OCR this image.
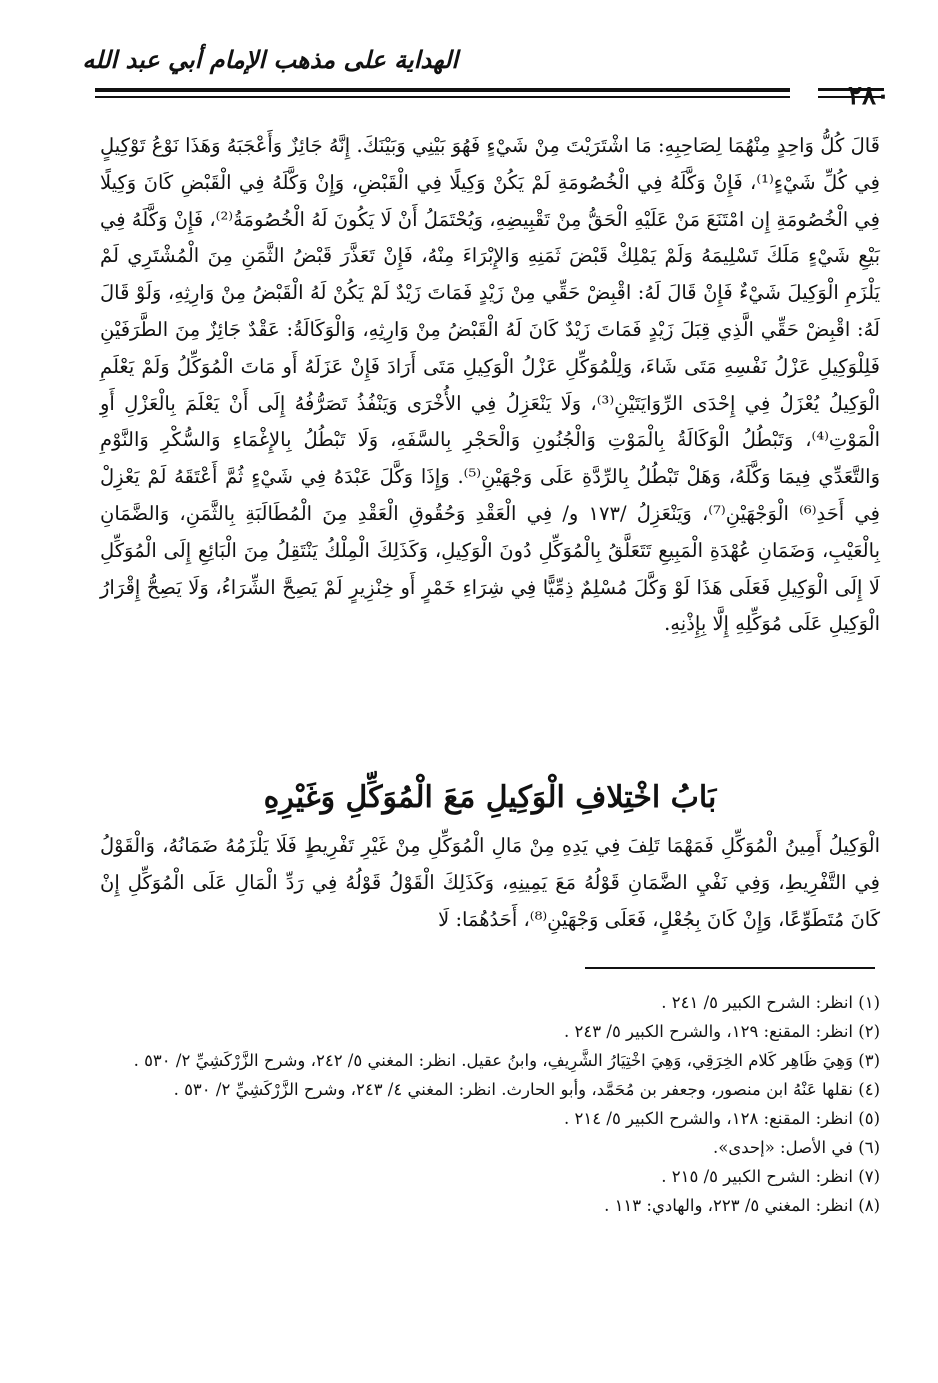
الهداية على مذهب الإمام أبي عبد الله
٢٨٠

قَالَ كُلُّ وَاحِدٍ مِنْهُمَا لِصَاحِبِهِ: مَا اشْتَرَيْتَ مِنْ شَيْءٍ فَهُوَ بَيْنِي وَبَيْنَكَ. إِنَّهُ جَائِزٌ وَأَعْجَبَهُ وَهَذَا نَوْعُ تَوْكِيلٍ فِي كُلِّ شَيْءٍ⁽¹⁾، فَإِنْ وَكَّلَهُ فِي الْخُصُومَةِ لَمْ يَكُنْ وَكِيلًا فِي الْقَبْضِ، وَإِنْ وَكَّلَهُ فِي الْقَبْضِ كَانَ وَكِيلًا فِي الْخُصُومَةِ إِن امْتَنَعَ مَنْ عَلَيْهِ الْحَقُّ مِنْ تَقْبِيضِهِ، وَيُحْتَمَلُ أَنْ لَا يَكُونَ لَهُ الْخُصُومَةُ⁽²⁾، فَإِنْ وَكَّلَهُ فِي بَيْعِ شَيْءٍ مَلَكَ تَسْلِيمَهُ وَلَمْ يَمْلِكْ قَبْضَ ثَمَنِهِ وَالإِبْرَاءَ مِنْهُ، فَإِنْ تَعَذَّرَ قَبْضُ الثَّمَنِ مِنَ الْمُشْتَرِي لَمْ يَلْزَمِ الْوَكِيلَ شَيْءٌ فَإِنْ قَالَ لَهُ: اقْبِضْ حَقِّي مِنْ زَيْدٍ فَمَاتَ زَيْدٌ لَمْ يَكُنْ لَهُ الْقَبْضُ مِنْ وَارِثِهِ، وَلَوْ قَالَ لَهُ: اقْبِضْ حَقِّي الَّذِي قِبَلَ زَيْدٍ فَمَاتَ زَيْدٌ كَانَ لَهُ الْقَبْضُ مِنْ وَارِثِهِ، وَالْوَكَالَةُ: عَقْدٌ جَائِزٌ مِنَ الطَّرَفَيْنِ فَلِلْوَكِيلِ عَزْلُ نَفْسِهِ مَتَى شَاءَ، وَلِلْمُوَكِّلِ عَزْلُ الْوَكِيلِ مَتَى أَرَادَ فَإِنْ عَزَلَهُ أَو مَاتَ الْمُوَكِّلُ وَلَمْ يَعْلَمِ الْوَكِيلُ يُعْزَلُ فِي إِحْدَى الرِّوَايَتَيْنِ⁽³⁾، وَلَا يَنْعَزِلُ فِي الأُخْرَى وَيَنْفُذُ تَصَرُّفُهُ إِلَى أَنْ يَعْلَمَ بِالْعَزْلِ أَوِ الْمَوْتِ⁽⁴⁾، وَتَبْطُلُ الْوَكَالَةُ بِالْمَوْتِ وَالْجُنُونِ وَالْحَجْرِ بِالسَّفَهِ، وَلَا تَبْطُلُ بِالإِغْمَاءِ وَالسُّكْرِ وَالنَّوْمِ وَالتَّعَدِّي فِيمَا وَكَّلَهُ، وَهَلْ تَبْطُلُ بِالرِّدَّةِ عَلَى وَجْهَيْنِ⁽⁵⁾. وَإِذَا وَكَّلَ عَبْدَهُ فِي شَيْءٍ ثُمَّ أَعْتَقَهُ لَمْ يَعْزِلْ فِي أَحَدِ⁽⁶⁾ الْوَجْهَيْنِ⁽⁷⁾، وَيَنْعَزِلُ /١٧٣ و/ فِي الْعَقْدِ وَحُقُوقِ الْعَقْدِ مِنَ الْمُطَالَبَةِ بِالثَّمَنِ، وَالضَّمَانِ بِالْعَيْبِ، وَضَمَانِ عُهْدَةِ الْمَبِيعِ تَتَعَلَّقُ بِالْمُوَكِّلِ دُونَ الْوَكِيلِ، وَكَذَلِكَ الْمِلْكُ يَنْتَقِلُ مِنَ الْبَائِعِ إِلَى الْمُوَكِّلِ لَا إِلَى الْوَكِيلِ فَعَلَى هَذَا لَوْ وَكَّلَ مُسْلِمٌ ذِمِّيًّا فِي شِرَاءِ خَمْرٍ أَو خِنْزِيرٍ لَمْ يَصِحَّ الشِّرَاءُ، وَلَا يَصِحُّ إِقْرَارُ الْوَكِيلِ عَلَى مُوَكِّلِهِ إِلَّا بِإِذْنِهِ.

بَابُ اخْتِلافِ الْوَكِيلِ مَعَ الْمُوَكِّلِ وَغَيْرِهِ

الْوَكِيلُ أَمِينُ الْمُوَكِّلِ فَمَهْمَا تَلِفَ فِي يَدِهِ مِنْ مَالِ الْمُوَكِّلِ مِنْ غَيْرِ تَفْرِيطٍ فَلَا يَلْزَمُهُ ضَمَانُهُ، وَالْقَوْلُ فِي التَّفْرِيطِ، وَفِي نَفْيِ الضَّمَانِ قَوْلُهُ مَعَ يَمِينِهِ، وَكَذَلِكَ الْقَوْلُ قَوْلُهُ فِي رَدِّ الْمَالِ عَلَى الْمُوَكِّلِ إِنْ كَانَ مُتَطَوِّعًا، وَإِنْ كَانَ بِجُعْلٍ، فَعَلَى وَجْهَيْنِ⁽⁸⁾، أَحَدُهُمَا: لَا

(١) انظر: الشرح الكبير ٥/ ٢٤١ .

(٢) انظر: المقنع: ١٢٩، والشرح الكبير ٥/ ٢٤٣ .

(٣) وَهِيَ ظَاهِر كَلام الخِرَقِي، وَهِيَ اخْتِيَارُ الشَّرِيفِ، وابنُ عقيل. انظر: المغني ٥/ ٢٤٢، وشرح الزَّرْكَشِيِّ ٢/ ٥٣٠ .

(٤) نقلها عَنْهُ ابن منصور، وجعفر بن مُحَمَّد، وأبو الحارث. انظر: المغني ٤/ ٢٤٣، وشرح الزَّرْكَشِيِّ ٢/ ٥٣٠ .

(٥) انظر: المقنع: ١٢٨، والشرح الكبير ٥/ ٢١٤ .

(٦) في الأصل: «إحدى».

(٧) انظر: الشرح الكبير ٥/ ٢١٥ .

(٨) انظر: المغني ٥/ ٢٢٣، والهادي: ١١٣ .
